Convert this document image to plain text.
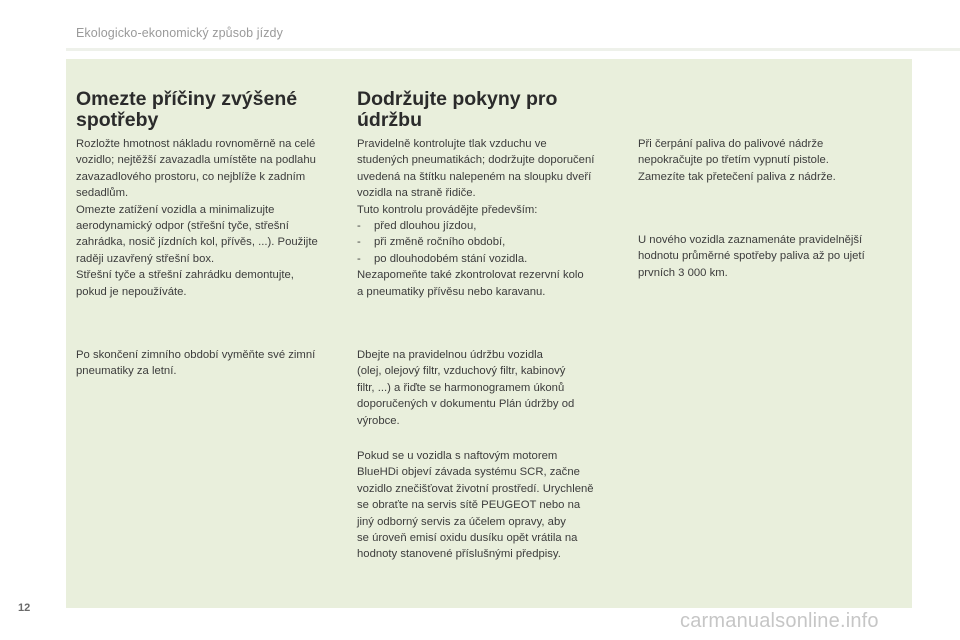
Ekologicko-ekonomický způsob jízdy
Omezte příčiny zvýšené
spotřeby

Rozložte hmotnost nákladu rovnoměrně na celé
vozidlo; nejtěžší zavazadla umístěte na podlahu
zavazadlového prostoru, co nejblíže k zadním
sedadlům.
Omezte zatížení vozidla a minimalizujte
aerodynamický odpor (střešní tyče, střešní
zahrádka, nosič jízdních kol, přívěs, ...). Použijte
raději uzavřený střešní box.
Střešní tyče a střešní zahrádku demontujte,
pokud je nepoužíváte.

Po skončení zimního období vyměňte své zimní
pneumatiky za letní.

Dodržujte pokyny pro
údržbu

Pravidelně kontrolujte tlak vzduchu ve
studených pneumatikách; dodržujte doporučení
uvedená na štítku nalepeném na sloupku dveří
vozidla na straně řidiče.
Tuto kontrolu provádějte především:

- před dlouhou jízdou,
- při změně ročního období,
- po dlouhodobém stání vozidla.

Nezapomeňte také zkontrolovat rezervní kolo
a pneumatiky přívěsu nebo karavanu.

Dbejte na pravidelnou údržbu vozidla
(olej, olejový filtr, vzduchový filtr, kabinový
filtr, ...) a řiďte se harmonogramem úkonů
doporučených v dokumentu Plán údržby od
výrobce.

Pokud se u vozidla s naftovým motorem
BlueHDi objeví závada systému SCR, začne
vozidlo znečišťovat životní prostředí. Urychleně
se obraťte na servis sítě PEUGEOT nebo na
jiný odborný servis za účelem opravy, aby
se úroveň emisí oxidu dusíku opět vrátila na
hodnoty stanovené příslušnými předpisy.

Při čerpání paliva do palivové nádrže
nepokračujte po třetím vypnutí pistole.
Zamezíte tak přetečení paliva z nádrže.

U nového vozidla zaznamenáte pravidelnější
hodnotu průměrné spotřeby paliva až po ujetí
prvních 3 000 km.

12
carmanualsonline.info
